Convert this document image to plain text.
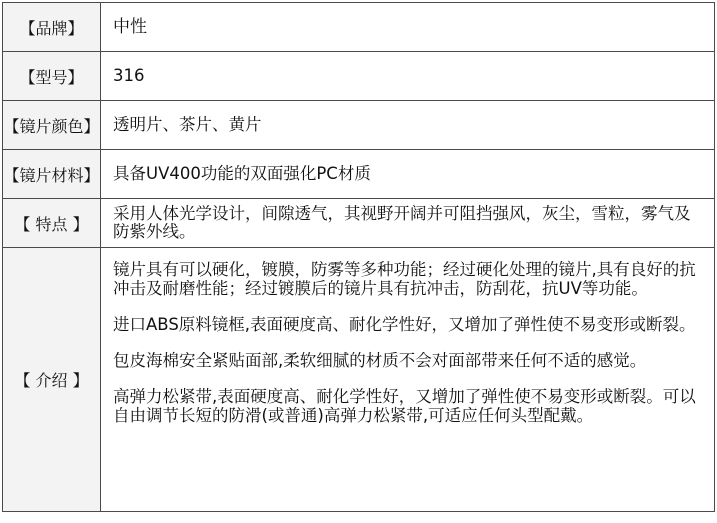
【品牌】	中性
【型号】	316
【镜片颜色】	透明片、茶片、黄片
【镜片材料】	具备UV400功能的双面强化PC材质
【 特点 】	采用人体光学设计，间隙透气，其视野开阔并可阻挡强风，灰尘，雪粒，雾气及防紫外线。
【 介绍 】	镜片具有可以硬化，镀膜，防雾等多种功能；经过硬化处理的镜片,具有良好的抗冲击及耐磨性能；经过镀膜后的镜片具有抗冲击，防刮花，抗UV等功能。

进口ABS原料镜框,表面硬度高、耐化学性好，又增加了弹性使不易变形或断裂。

包皮海棉安全紧贴面部,柔软细腻的材质不会对面部带来任何不适的感觉。

高弹力松紧带,表面硬度高、耐化学性好，又增加了弹性使不易变形或断裂。可以自由调节长短的防滑(或普通)高弹力松紧带,可适应任何头型配戴。
